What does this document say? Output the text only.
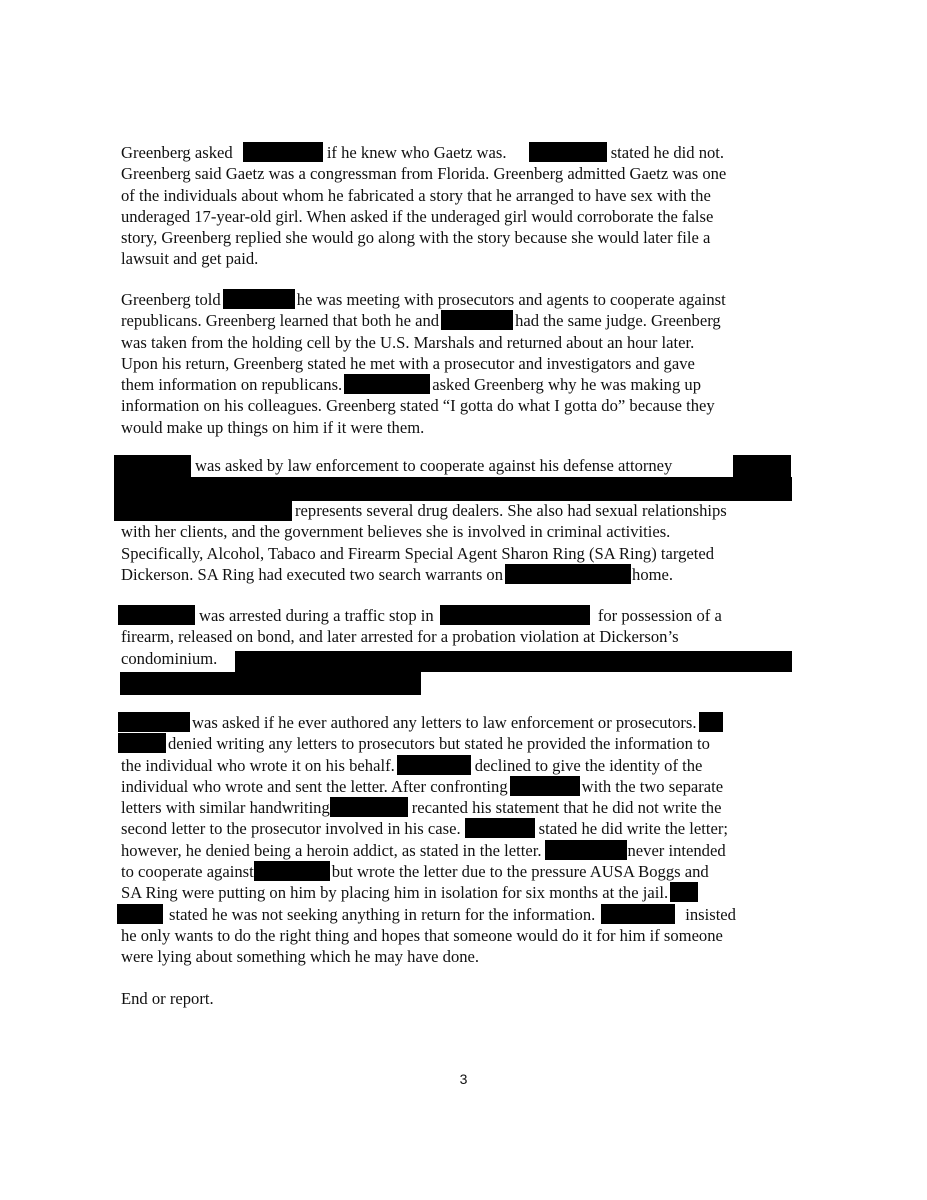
Greenberg asked	if he knew who Gaetz was.	stated he did not.
Greenberg said Gaetz was a congressman from Florida. Greenberg admitted Gaetz was one
of the individuals about whom he fabricated a story that he arranged to have sex with the
underaged 17-year-old girl. When asked if the underaged girl would corroborate the false
story, Greenberg replied she would go along with the story because she would later file a
lawsuit and get paid.
Greenberg told	he was meeting with prosecutors and agents to cooperate against
republicans. Greenberg learned that both he and	had the same judge. Greenberg
was taken from the holding cell by the U.S. Marshals and returned about an hour later.
Upon his return, Greenberg stated he met with a prosecutor and investigators and gave
them information on republicans.	asked Greenberg why he was making up
information on his colleagues. Greenberg stated “I gotta do what I gotta do” because they
would make up things on him if it were them.
was asked by law enforcement to cooperate against his defense attorney
represents several drug dealers. She also had sexual relationships
with her clients, and the government believes she is involved in criminal activities.
Specifically, Alcohol, Tabaco and Firearm Special Agent Sharon Ring (SA Ring) targeted
Dickerson. SA Ring had executed two search warrants on	home.
was arrested during a traffic stop in	for possession of a
firearm, released on bond, and later arrested for a probation violation at Dickerson’s
condominium.
was asked if he ever authored any letters to law enforcement or prosecutors.
denied writing any letters to prosecutors but stated he provided the information to
the individual who wrote it on his behalf.	declined to give the identity of the
individual who wrote and sent the letter. After confronting	with the two separate
letters with similar handwriting	recanted his statement that he did not write the
second letter to the prosecutor involved in his case.	stated he did write the letter;
however, he denied being a heroin addict, as stated in the letter.	never intended
to cooperate against	but wrote the letter due to the pressure AUSA Boggs and
SA Ring were putting on him by placing him in isolation for six months at the jail.
stated he was not seeking anything in return for the information.	insisted
he only wants to do the right thing and hopes that someone would do it for him if someone
were lying about something which he may have done.
End or report.
3
